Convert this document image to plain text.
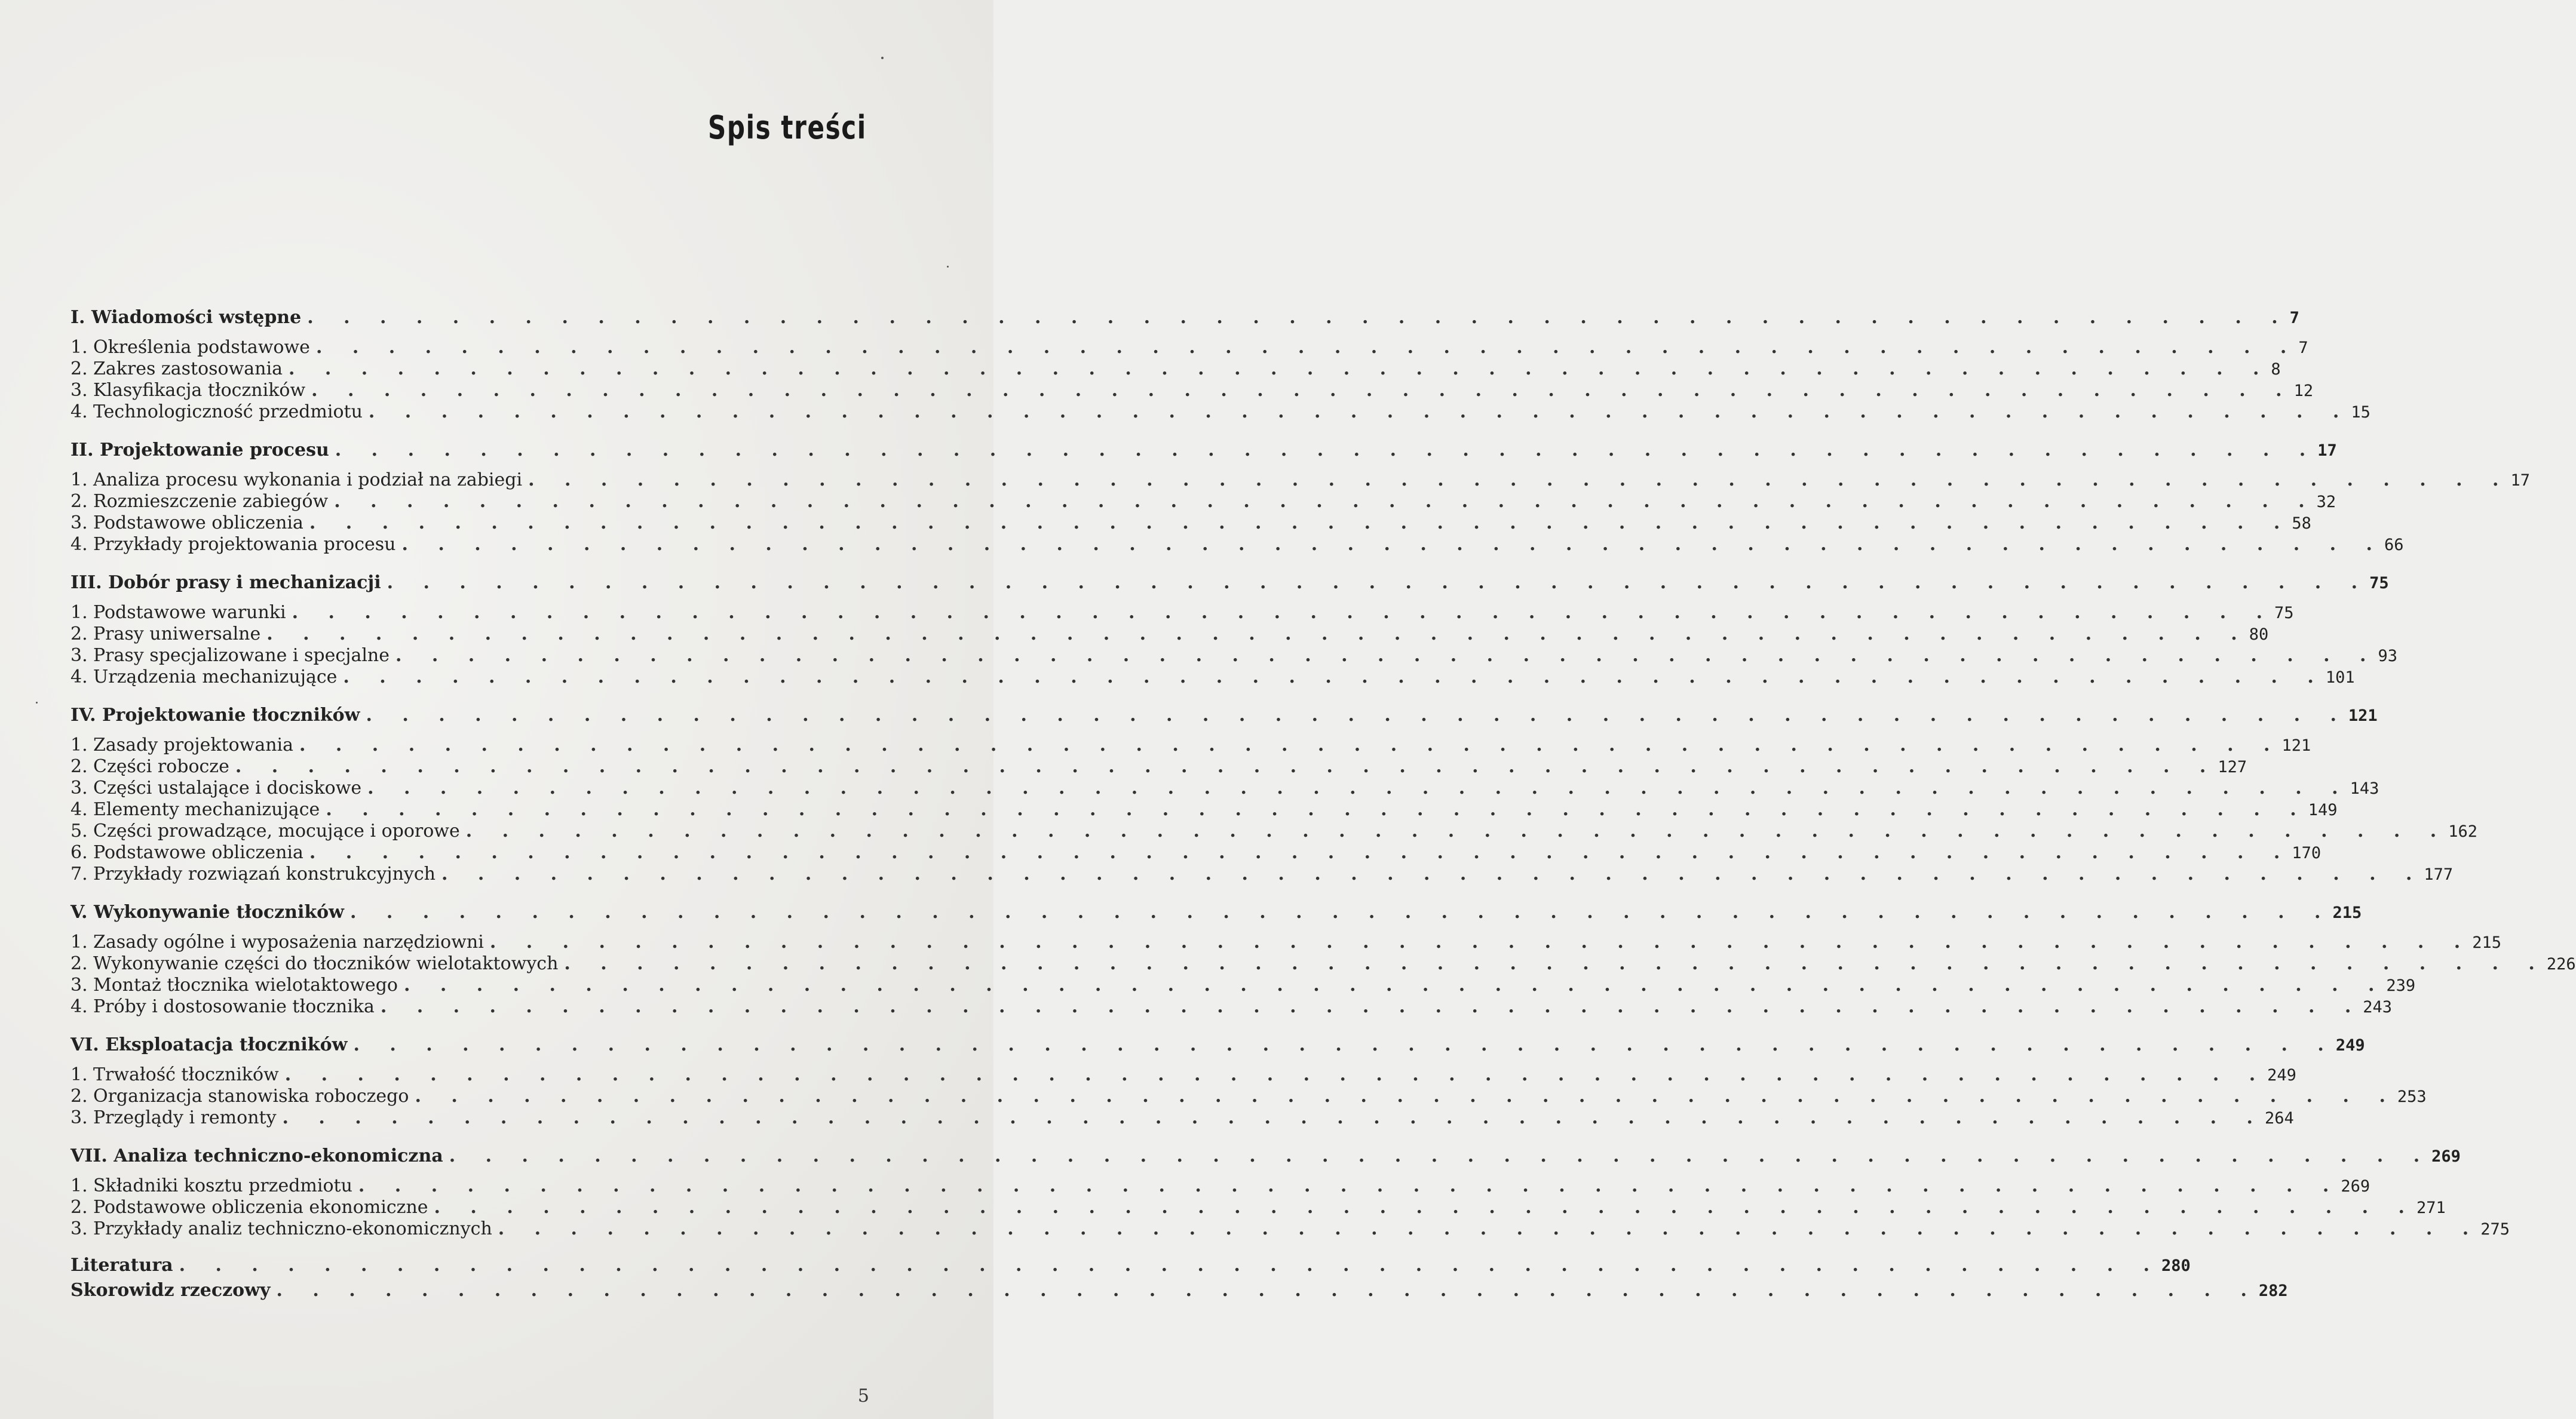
Spis treści
I. Wiadomości wstępne . . . . . . . . . . . . . . . . . . . . . . . . . . . . . . . . . . . . . . . . . . . . . . . . . . . . . . . 7
1. Określenia podstawowe . . . . . . . . . . . . . . . . . . . . . . . . . . . . . . . . . . . . . . . . . . . . . . . . . . . . . . . 7
2. Zakres zastosowania . . . . . . . . . . . . . . . . . . . . . . . . . . . . . . . . . . . . . . . . . . . . . . . . . . . . . . . 8
3. Klasyfikacja tłoczników . . . . . . . . . . . . . . . . . . . . . . . . . . . . . . . . . . . . . . . . . . . . . . . . . . . . . . . 12
4. Technologiczność przedmiotu . . . . . . . . . . . . . . . . . . . . . . . . . . . . . . . . . . . . . . . . . . . . . . . . . . . . . . . 15
II. Projektowanie procesu . . . . . . . . . . . . . . . . . . . . . . . . . . . . . . . . . . . . . . . . . . . . . . . . . . . . . . . 17
1. Analiza procesu wykonania i podział na zabiegi . . . . . . . . . . . . . . . . . . . . . . . . . . . . . . . . . . . . . . . . . . . . . . . . . . . . . . . 17
2. Rozmieszczenie zabiegów . . . . . . . . . . . . . . . . . . . . . . . . . . . . . . . . . . . . . . . . . . . . . . . . . . . . . . . 32
3. Podstawowe obliczenia . . . . . . . . . . . . . . . . . . . . . . . . . . . . . . . . . . . . . . . . . . . . . . . . . . . . . . . 58
4. Przykłady projektowania procesu . . . . . . . . . . . . . . . . . . . . . . . . . . . . . . . . . . . . . . . . . . . . . . . . . . . . . . . 66
III. Dobór prasy i mechanizacji . . . . . . . . . . . . . . . . . . . . . . . . . . . . . . . . . . . . . . . . . . . . . . . . . . . . . . . 75
1. Podstawowe warunki . . . . . . . . . . . . . . . . . . . . . . . . . . . . . . . . . . . . . . . . . . . . . . . . . . . . . . . 75
2. Prasy uniwersalne . . . . . . . . . . . . . . . . . . . . . . . . . . . . . . . . . . . . . . . . . . . . . . . . . . . . . . . 80
3. Prasy specjalizowane i specjalne . . . . . . . . . . . . . . . . . . . . . . . . . . . . . . . . . . . . . . . . . . . . . . . . . . . . . . . 93
4. Urządzenia mechanizujące . . . . . . . . . . . . . . . . . . . . . . . . . . . . . . . . . . . . . . . . . . . . . . . . . . . . . . . 101
IV. Projektowanie tłoczników . . . . . . . . . . . . . . . . . . . . . . . . . . . . . . . . . . . . . . . . . . . . . . . . . . . . . . . 121
1. Zasady projektowania . . . . . . . . . . . . . . . . . . . . . . . . . . . . . . . . . . . . . . . . . . . . . . . . . . . . . . . 121
2. Części robocze . . . . . . . . . . . . . . . . . . . . . . . . . . . . . . . . . . . . . . . . . . . . . . . . . . . . . . . 127
3. Części ustalające i dociskowe . . . . . . . . . . . . . . . . . . . . . . . . . . . . . . . . . . . . . . . . . . . . . . . . . . . . . . . 143
4. Elementy mechanizujące . . . . . . . . . . . . . . . . . . . . . . . . . . . . . . . . . . . . . . . . . . . . . . . . . . . . . . . 149
5. Części prowadzące, mocujące i oporowe . . . . . . . . . . . . . . . . . . . . . . . . . . . . . . . . . . . . . . . . . . . . . . . . . . . . . . . 162
6. Podstawowe obliczenia . . . . . . . . . . . . . . . . . . . . . . . . . . . . . . . . . . . . . . . . . . . . . . . . . . . . . . . 170
7. Przykłady rozwiązań konstrukcyjnych . . . . . . . . . . . . . . . . . . . . . . . . . . . . . . . . . . . . . . . . . . . . . . . . . . . . . . . 177
V. Wykonywanie tłoczników . . . . . . . . . . . . . . . . . . . . . . . . . . . . . . . . . . . . . . . . . . . . . . . . . . . . . . . 215
1. Zasady ogólne i wyposażenia narzędziowni . . . . . . . . . . . . . . . . . . . . . . . . . . . . . . . . . . . . . . . . . . . . . . . . . . . . . . . 215
2. Wykonywanie części do tłoczników wielotaktowych . . . . . . . . . . . . . . . . . . . . . . . . . . . . . . . . . . . . . . . . . . . . . . . . . . . . . . . 226
3. Montaż tłocznika wielotaktowego . . . . . . . . . . . . . . . . . . . . . . . . . . . . . . . . . . . . . . . . . . . . . . . . . . . . . . . 239
4. Próby i dostosowanie tłocznika . . . . . . . . . . . . . . . . . . . . . . . . . . . . . . . . . . . . . . . . . . . . . . . . . . . . . . . 243
VI. Eksploatacja tłoczników . . . . . . . . . . . . . . . . . . . . . . . . . . . . . . . . . . . . . . . . . . . . . . . . . . . . . . . 249
1. Trwałość tłoczników . . . . . . . . . . . . . . . . . . . . . . . . . . . . . . . . . . . . . . . . . . . . . . . . . . . . . . . 249
2. Organizacja stanowiska roboczego . . . . . . . . . . . . . . . . . . . . . . . . . . . . . . . . . . . . . . . . . . . . . . . . . . . . . . . 253
3. Przeglądy i remonty . . . . . . . . . . . . . . . . . . . . . . . . . . . . . . . . . . . . . . . . . . . . . . . . . . . . . . . 264
VII. Analiza techniczno-ekonomiczna . . . . . . . . . . . . . . . . . . . . . . . . . . . . . . . . . . . . . . . . . . . . . . . . . . . . . . . 269
1. Składniki kosztu przedmiotu . . . . . . . . . . . . . . . . . . . . . . . . . . . . . . . . . . . . . . . . . . . . . . . . . . . . . . . 269
2. Podstawowe obliczenia ekonomiczne . . . . . . . . . . . . . . . . . . . . . . . . . . . . . . . . . . . . . . . . . . . . . . . . . . . . . . . 271
3. Przykłady analiz techniczno-ekonomicznych . . . . . . . . . . . . . . . . . . . . . . . . . . . . . . . . . . . . . . . . . . . . . . . . . . . . . . . 275
Literatura . . . . . . . . . . . . . . . . . . . . . . . . . . . . . . . . . . . . . . . . . . . . . . . . . . . . . . . 280
Skorowidz rzeczowy . . . . . . . . . . . . . . . . . . . . . . . . . . . . . . . . . . . . . . . . . . . . . . . . . . . . . . . 282
5
